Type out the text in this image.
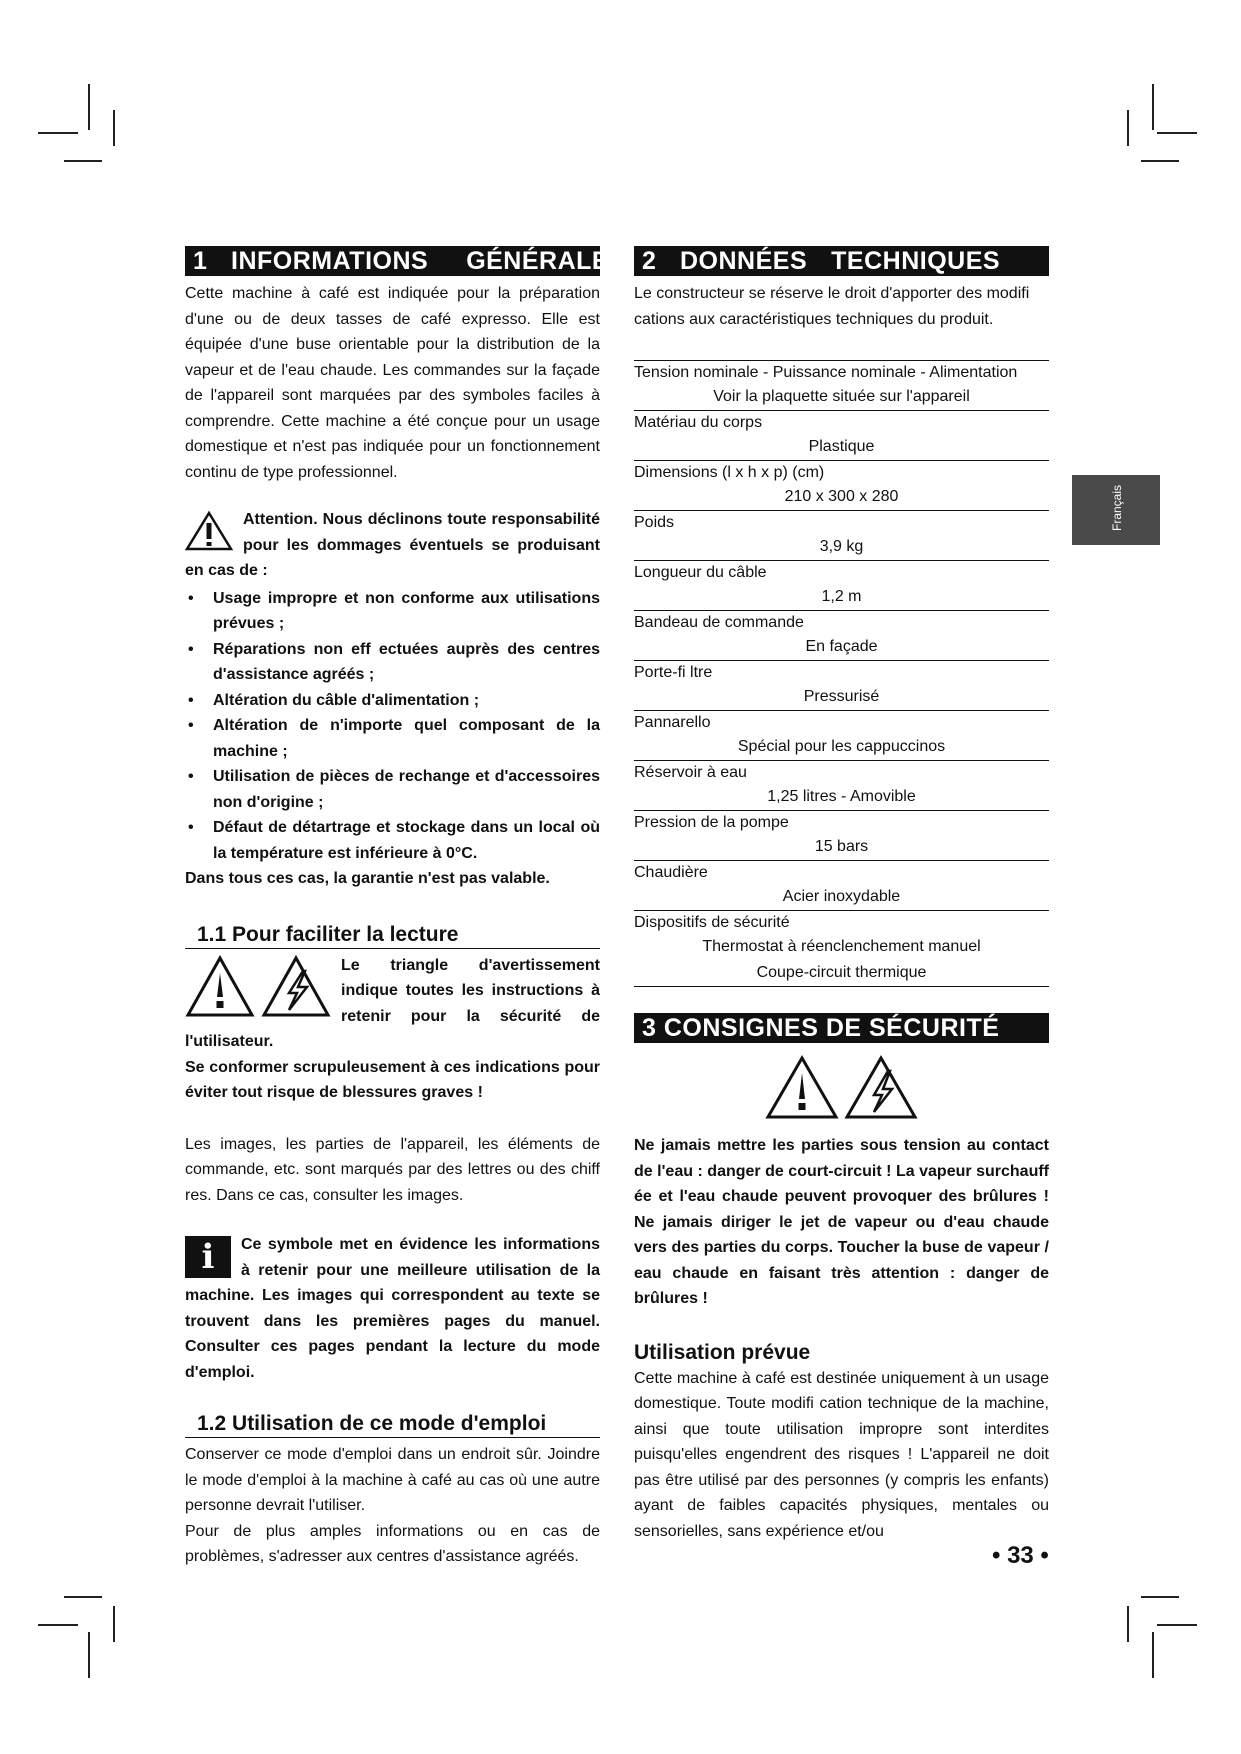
Français
1 INFORMATIONS GÉNÉRALES

Cette machine à café est indiquée pour la préparation d'une ou de deux tasses de café expresso. Elle est équipée d'une buse orientable pour la distribution de la vapeur et de l'eau chaude. Les commandes sur la façade de l'appareil sont marquées par des symboles faciles à comprendre. Cette machine a été conçue pour un usage domestique et n'est pas indiquée pour un fonctionnement continu de type professionnel.

Attention. Nous déclinons toute responsabilité pour les dommages éventuels se produisant en cas de :

• Usage impropre et non conforme aux utilisations prévues ;
• Réparations non eff ectuées auprès des centres d'assistance agréés ;
• Altération du câble d'alimentation ;
• Altération de n'importe quel composant de la machine ;
• Utilisation de pièces de rechange et d'accessoires non d'origine ;
• Défaut de détartrage et stockage dans un local où la température est inférieure à 0°C.

Dans tous ces cas, la garantie n'est pas valable.

1.1 Pour faciliter la lecture

Le triangle d'avertissement indique toutes les instructions à retenir pour la sécurité de l'utilisateur.

Se conformer scrupuleusement à ces indications pour éviter tout risque de blessures graves !

Les images, les parties de l'appareil, les éléments de commande, etc. sont marqués par des lettres ou des chiff res. Dans ce cas, consulter les images.

i	Ce symbole met en évidence les informations à retenir pour une meilleure utilisation de la machine. Les images qui correspondent au texte se trouvent dans les premières pages du manuel. Consulter ces pages pendant la lecture du mode d'emploi.

1.2 Utilisation de ce mode d'emploi

Conserver ce mode d'emploi dans un endroit sûr. Joindre le mode d'emploi à la machine à café au cas où une autre personne devrait l'utiliser.

Pour de plus amples informations ou en cas de problèmes, s'adresser aux centres d'assistance agréés.

2 DONNÉES TECHNIQUES

Le constructeur se réserve le droit d'apporter des modifi cations aux caractéristiques techniques du produit.

Tension nominale - Puissance nominale - Alimentation
Voir la plaquette située sur l'appareil
Matériau du corps
Plastique
Dimensions (l x h x p) (cm)
210 x 300 x 280
Poids
3,9 kg
Longueur du câble
1,2 m
Bandeau de commande
En façade
Porte-fi ltre
Pressurisé
Pannarello
Spécial pour les cappuccinos
Réservoir à eau
1,25 litres - Amovible
Pression de la pompe
15 bars
Chaudière
Acier inoxydable
Dispositifs de sécurité
Thermostat à réenclenchement manuel
Coupe-circuit thermique
3 CONSIGNES DE SÉCURITÉ

Ne jamais mettre les parties sous tension au contact de l'eau : danger de court-circuit ! La vapeur surchauff ée et l'eau chaude peuvent provoquer des brûlures ! Ne jamais diriger le jet de vapeur ou d'eau chaude vers des parties du corps. Toucher la buse de vapeur / eau chaude en faisant très attention : danger de brûlures !

Utilisation prévue

Cette machine à café est destinée uniquement à un usage domestique. Toute modifi cation technique de la machine, ainsi que toute utilisation impropre sont interdites puisqu'elles engendrent des risques ! L'appareil ne doit pas être utilisé par des personnes (y compris les enfants) ayant de faibles capacités physiques, mentales ou sensorielles, sans expérience et/ou

• 33 •
